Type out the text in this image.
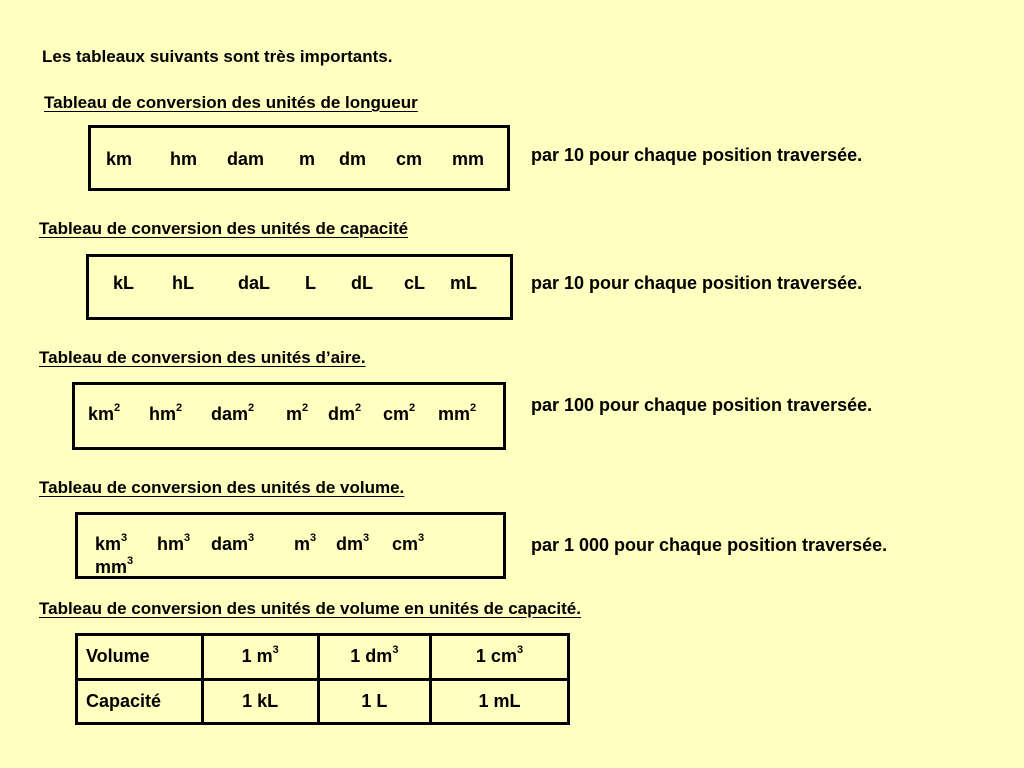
Les tableaux suivants sont très importants.
Tableau de conversion des unités de longueur
km hm dam m dm cm mm	par 10 pour chaque position traversée.
Tableau de conversion des unités de capacité
kL hL daL L dL cL mL	par 10 pour chaque position traversée.
Tableau de conversion des unités d’aire.
$km^2$ $hm^2$ dam$^2$ $m^2$ $dm^2$ $cm^2$ $mm^2$	par 100 pour chaque position traversée.
Tableau de conversion des unités de volume.
$km^3$ $hm^3$ dam$^3$ $m^3$ $dm^3$ $cm^3$
$mm^3$
par 1 000 pour chaque position traversée.
Tableau de conversion des unités de volume en unités de capacité.
Volume	1 $m^3$	1 $dm^3$	1 $cm^3$
Capacité	1 kL	1 L	1 mL
